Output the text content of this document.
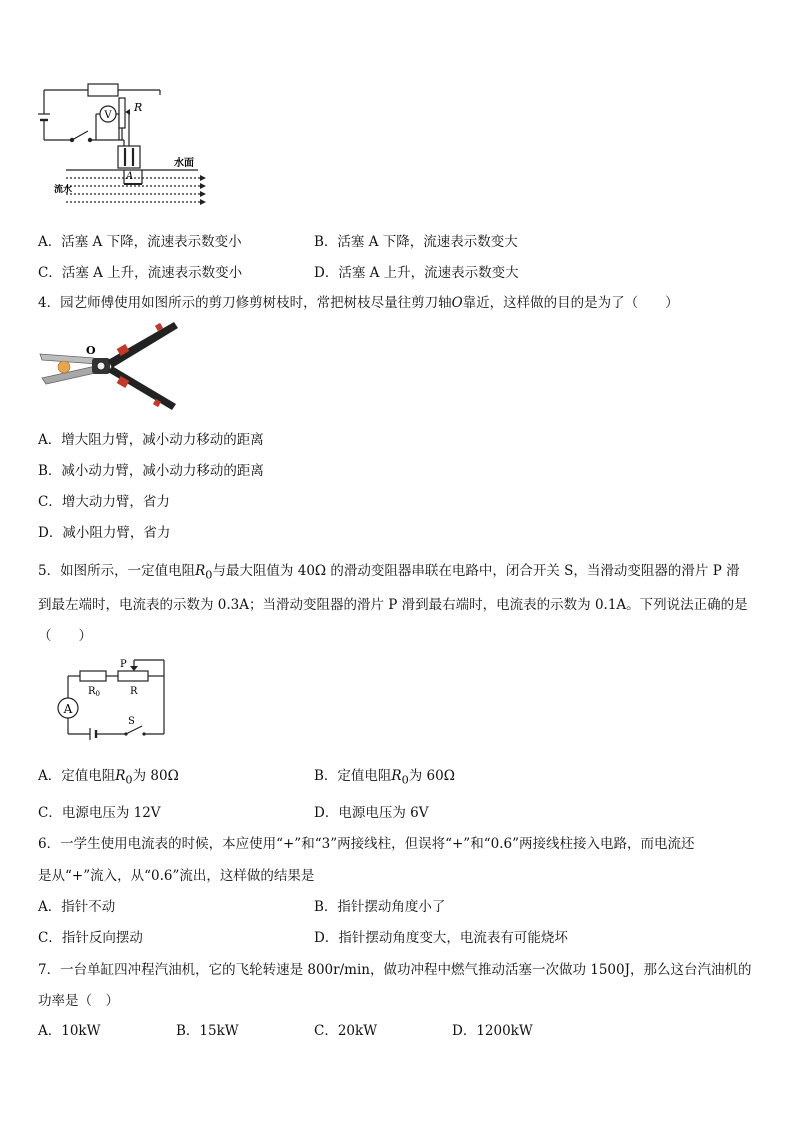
V
R
水面
A
流水
A．活塞 A 下降，流速表示数变小	B．活塞 A 下降，流速表示数变大
C．活塞 A 上升，流速表示数变小	D．活塞 A 上升，流速表示数变大
4．园艺师傅使用如图所示的剪刀修剪树枝时，常把树枝尽量往剪刀轴O靠近，这样做的目的是为了（　　）
O
A．增大阻力臂，减小动力移动的距离
B．减小动力臂，减小动力移动的距离
C．增大动力臂，省力
D．减小阻力臂，省力
5．如图所示，一定值电阻$R_0$与最大阻值为 40Ω 的滑动变阻器串联在电路中，闭合开关 S，当滑动变阻器的滑片 P 滑
到最左端时，电流表的示数为 0.3A；当滑动变阻器的滑片 P 滑到最右端时，电流表的示数为 0.1A。下列说法正确的是
（　　）
A
P
$R_0$	R
S
A．定值电阻$R_0$为 80Ω	B．定值电阻$R_0$为 60Ω
C．电源电压为 12V	D．电源电压为 6V
6．一学生使用电流表的时候，本应使用“+”和“3”两接线柱，但误将“+”和“0.6”两接线柱接入电路，而电流还
是从“+”流入，从“0.6”流出，这样做的结果是
A．指针不动	B．指针摆动角度小了
C．指针反向摆动	D．指针摆动角度变大，电流表有可能烧坏
7．一台单缸四冲程汽油机，它的飞轮转速是 800r/min，做功冲程中燃气推动活塞一次做功 1500J，那么这台汽油机的
功率是（　）
A．10kW	B．15kW	C．20kW	D．1200kW
